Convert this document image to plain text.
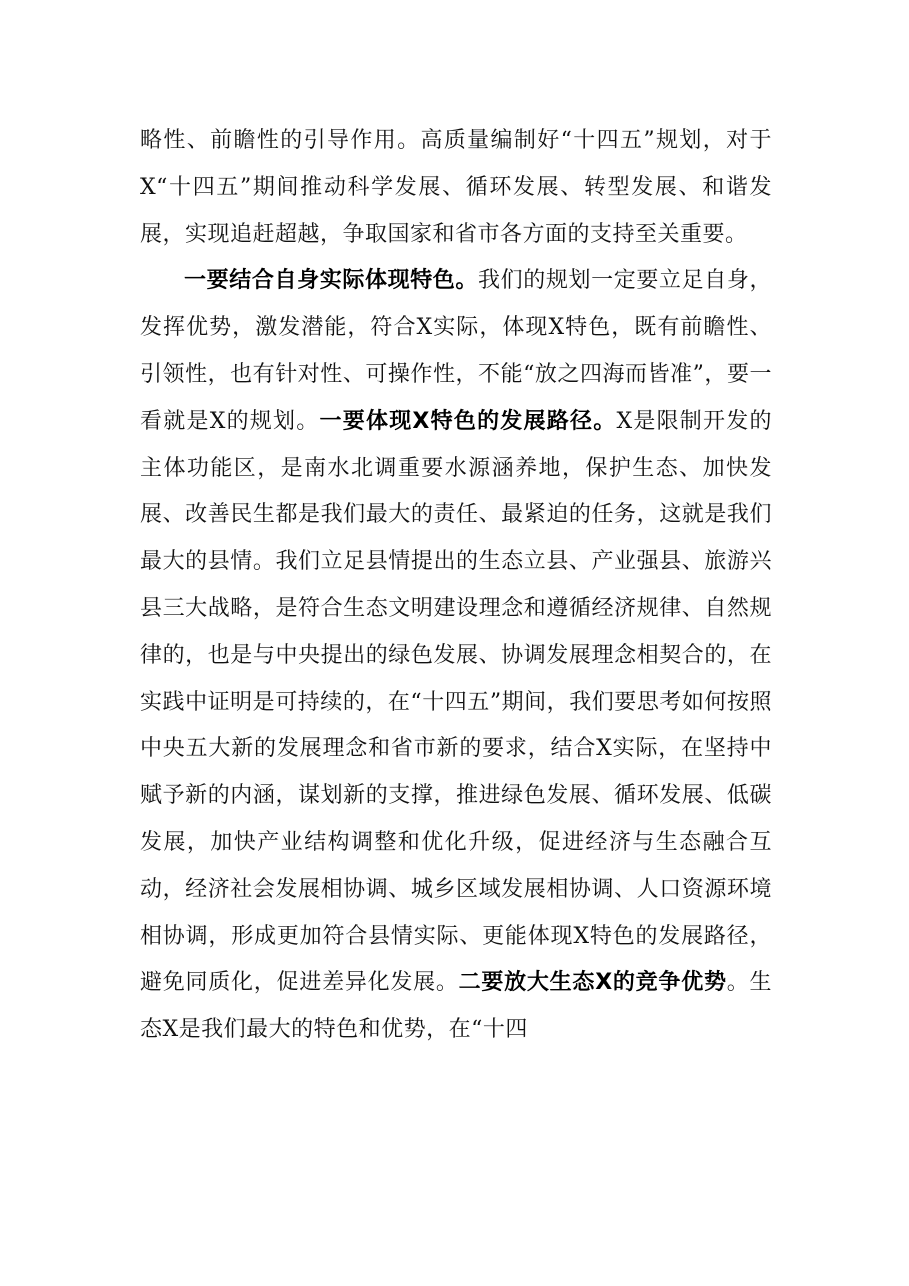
略性、前瞻性的引导作用。高质量编制好“十四五”规划，对于X“十四五”期间推动科学发展、循环发展、转型发展、和谐发展，实现追赶超越，争取国家和省市各方面的支持至关重要。

一要结合自身实际体现特色。我们的规划一定要立足自身，发挥优势，激发潜能，符合X实际，体现X特色，既有前瞻性、引领性，也有针对性、可操作性，不能“放之四海而皆准”，要一看就是X的规划。一要体现X特色的发展路径。X是限制开发的主体功能区，是南水北调重要水源涵养地，保护生态、加快发展、改善民生都是我们最大的责任、最紧迫的任务，这就是我们最大的县情。我们立足县情提出的生态立县、产业强县、旅游兴县三大战略，是符合生态文明建设理念和遵循经济规律、自然规律的，也是与中央提出的绿色发展、协调发展理念相契合的，在实践中证明是可持续的，在“十四五”期间，我们要思考如何按照中央五大新的发展理念和省市新的要求，结合X实际，在坚持中赋予新的内涵，谋划新的支撑，推进绿色发展、循环发展、低碳发展，加快产业结构调整和优化升级，促进经济与生态融合互动，经济社会发展相协调、城乡区域发展相协调、人口资源环境相协调，形成更加符合县情实际、更能体现X特色的发展路径，避免同质化，促进差异化发展。二要放大生态X的竞争优势。生态X是我们最大的特色和优势，在“十四
